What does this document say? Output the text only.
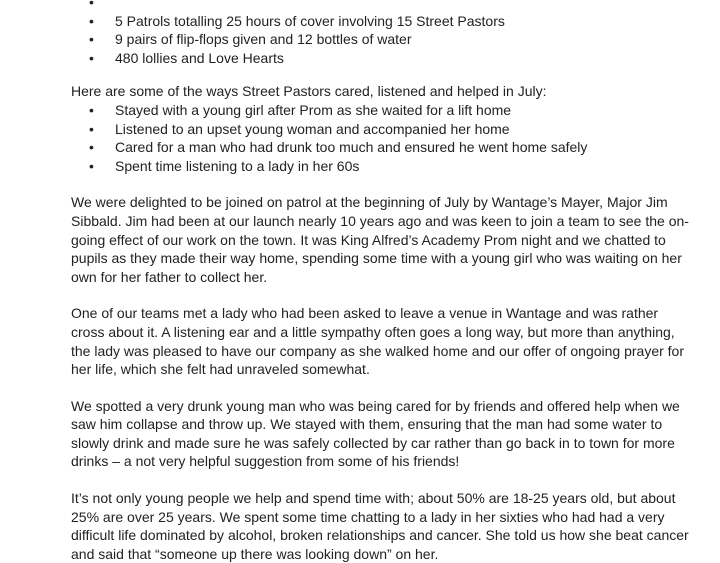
•
• 5 Patrols totalling 25 hours of cover involving 15 Street Pastors
• 9 pairs of flip-flops given and 12 bottles of water
• 480 lollies and Love Hearts

Here are some of the ways Street Pastors cared, listened and helped in July:

• Stayed with a young girl after Prom as she waited for a lift home
• Listened to an upset young woman and accompanied her home
• Cared for a man who had drunk too much and ensured he went home safely
• Spent time listening to a lady in her 60s

We were delighted to be joined on patrol at the beginning of July by Wantage’s Mayer, Major Jim Sibbald. Jim had been at our launch nearly 10 years ago and was keen to join a team to see the on-going effect of our work on the town. It was King Alfred’s Academy Prom night and we chatted to pupils as they made their way home, spending some time with a young girl who was waiting on her own for her father to collect her.

One of our teams met a lady who had been asked to leave a venue in Wantage and was rather cross about it. A listening ear and a little sympathy often goes a long way, but more than anything, the lady was pleased to have our company as she walked home and our offer of ongoing prayer for her life, which she felt had unraveled somewhat.

We spotted a very drunk young man who was being cared for by friends and offered help when we saw him collapse and throw up. We stayed with them, ensuring that the man had some water to slowly drink and made sure he was safely collected by car rather than go back in to town for more drinks – a not very helpful suggestion from some of his friends!

It’s not only young people we help and spend time with; about 50% are 18-25 years old, but about 25% are over 25 years. We spent some time chatting to a lady in her sixties who had had a very difficult life dominated by alcohol, broken relationships and cancer. She told us how she beat cancer and said that “someone up there was looking down” on her.
